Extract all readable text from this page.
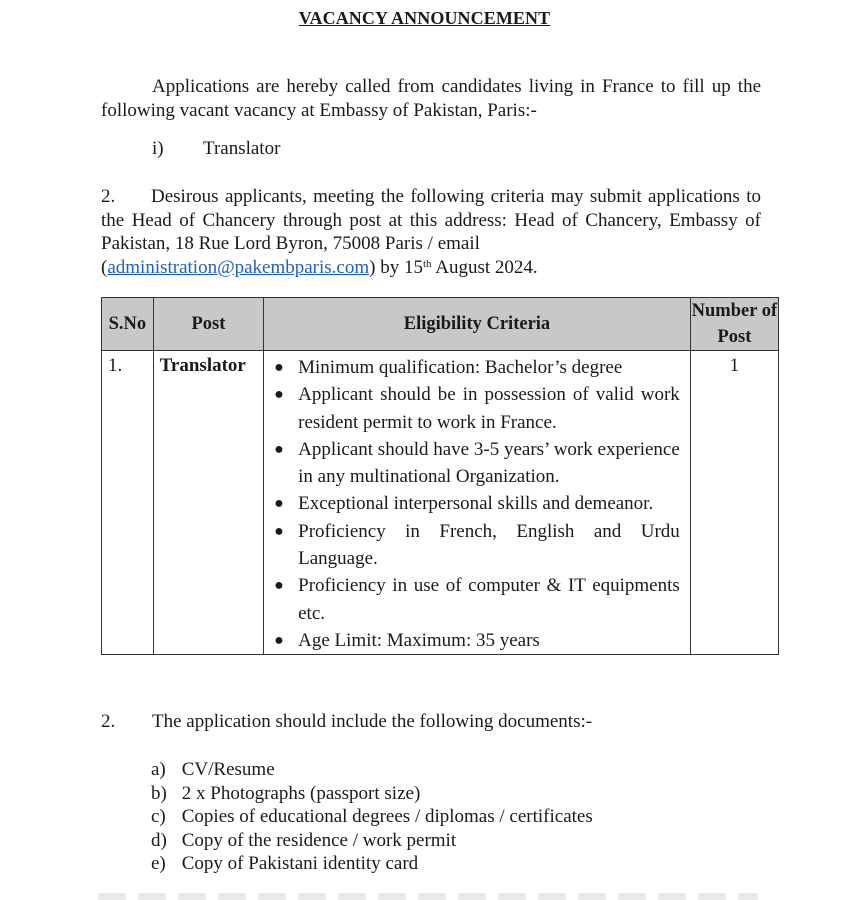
VACANCY ANNOUNCEMENT
Applications are hereby called from candidates living in France to fill up the following vacant vacancy at Embassy of Pakistan, Paris:-
i) Translator
2. Desirous applicants, meeting the following criteria may submit applications to the Head of Chancery through post at this address: Head of Chancery, Embassy of Pakistan, 18 Rue Lord Byron, 75008 Paris / email
(administration@pakembparis.com) by 15th August 2024.
S.No	Post	Eligibility Criteria	Number of Post
1.	Translator	● Minimum qualification: Bachelor’s degree
● Applicant should be in possession of valid work resident permit to work in France.
● Applicant should have 3-5 years’ work experience in any multinational Organization.
● Exceptional interpersonal skills and demeanor.
● Proficiency in French, English and Urdu Language.
● Proficiency in use of computer & IT equipments etc.
● Age Limit: Maximum: 35 years
	1
2. The application should include the following documents:-
a) CV/Resume
b) 2 x Photographs (passport size)
c) Copies of educational degrees / diplomas / certificates
d) Copy of the residence / work permit
e) Copy of Pakistani identity card
